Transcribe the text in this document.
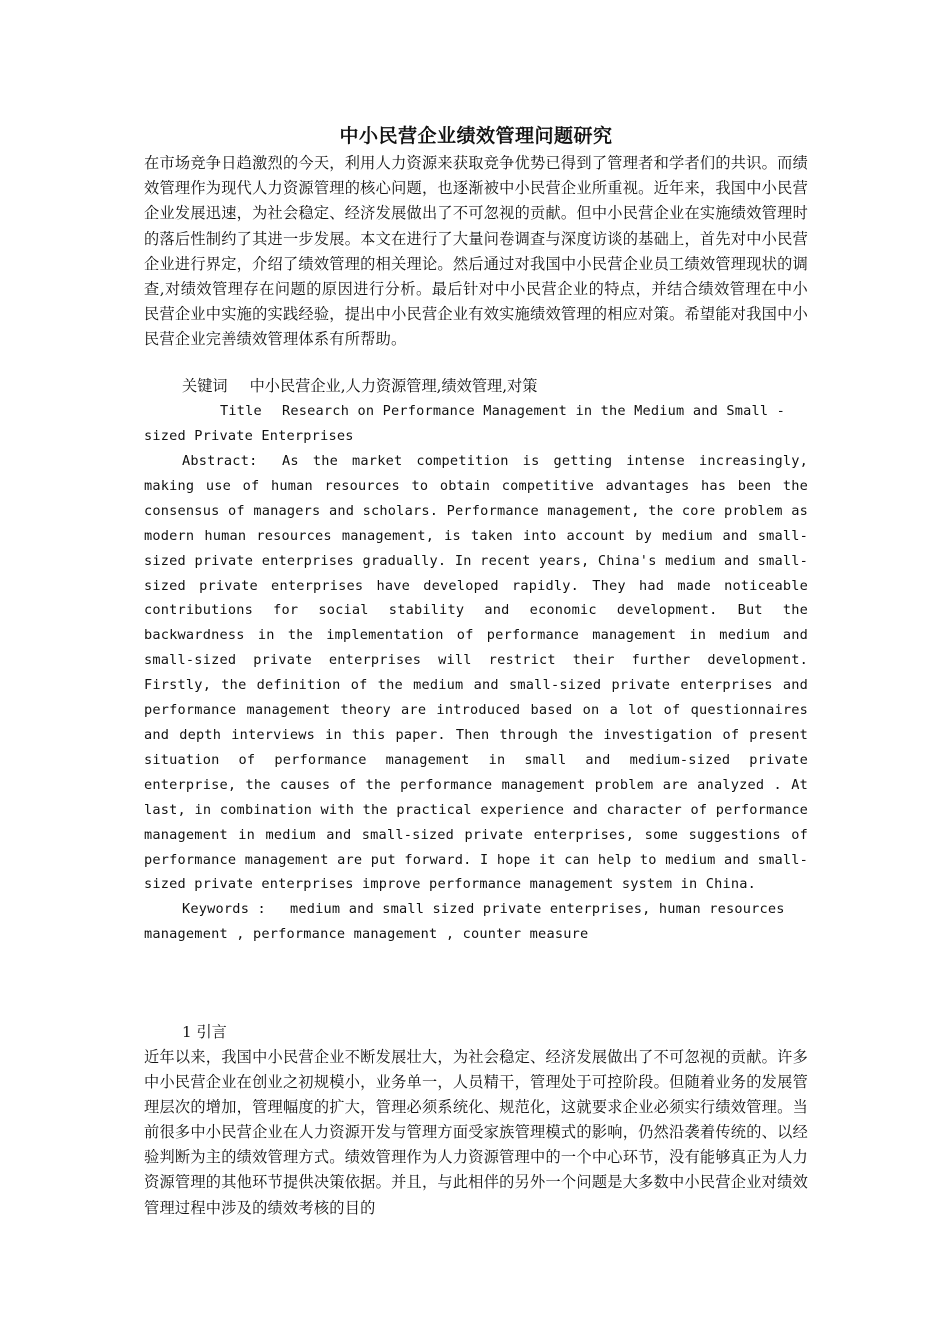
中小民营企业绩效管理问题研究

在市场竞争日趋激烈的今天，利用人力资源来获取竞争优势已得到了管理者和学者们的共识。而绩效管理作为现代人力资源管理的核心问题，也逐渐被中小民营企业所重视。近年来，我国中小民营企业发展迅速，为社会稳定、经济发展做出了不可忽视的贡献。但中小民营企业在实施绩效管理时的落后性制约了其进一步发展。本文在进行了大量问卷调查与深度访谈的基础上，首先对中小民营企业进行界定，介绍了绩效管理的相关理论。然后通过对我国中小民营企业员工绩效管理现状的调查,对绩效管理存在问题的原因进行分析。最后针对中小民营企业的特点，并结合绩效管理在中小民营企业中实施的实践经验，提出中小民营企业有效实施绩效管理的相应对策。希望能对我国中小民营企业完善绩效管理体系有所帮助。

关键词 中小民营企业,人力资源管理,绩效管理,对策

Title Research on Performance Management in the Medium and Small -sized Private Enterprises

Abstract: As the market competition is getting intense increasingly, making use of human resources to obtain competitive advantages has been the consensus of managers and scholars. Performance management, the core problem as modern human resources management, is taken into account by medium and small-sized private enterprises gradually. In recent years, China's medium and small-sized private enterprises have developed rapidly. They had made noticeable contributions for social stability and economic development. But the backwardness in the implementation of performance management in medium and small-sized private enterprises will restrict their further development. Firstly, the definition of the medium and small-sized private enterprises and performance management theory are introduced based on a lot of questionnaires and depth interviews in this paper. Then through the investigation of present situation of performance management in small and medium-sized private enterprise, the causes of the performance management problem are analyzed . At last, in combination with the practical experience and character of performance management in medium and small-sized private enterprises, some suggestions of performance management are put forward. I hope it can help to medium and small-sized private enterprises improve performance management system in China.

Keywords : medium and small sized private enterprises, human resources management , performance management , counter measure

1 引言

近年以来，我国中小民营企业不断发展壮大，为社会稳定、经济发展做出了不可忽视的贡献。许多中小民营企业在创业之初规模小，业务单一，人员精干，管理处于可控阶段。但随着业务的发展管理层次的增加，管理幅度的扩大，管理必须系统化、规范化，这就要求企业必须实行绩效管理。当前很多中小民营企业在人力资源开发与管理方面受家族管理模式的影响，仍然沿袭着传统的、以经验判断为主的绩效管理方式。绩效管理作为人力资源管理中的一个中心环节，没有能够真正为人力资源管理的其他环节提供决策依据。并且，与此相伴的另外一个问题是大多数中小民营企业对绩效管理过程中涉及的绩效考核的目的
